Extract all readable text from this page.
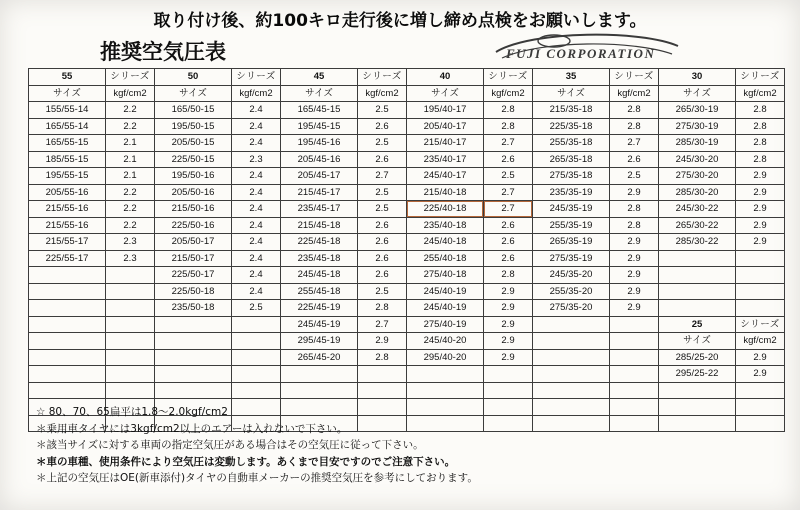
取り付け後、約100キロ走行後に増し締め点検をお願いします。
推奨空気圧表	FUJI CORPORATION
55	シリーズ	50	シリーズ	45	シリーズ	40	シリーズ	35	シリーズ	30	シリーズ
サイズ	kgf/cm2	サイズ	kgf/cm2	サイズ	kgf/cm2	サイズ	kgf/cm2	サイズ	kgf/cm2	サイズ	kgf/cm2
155/55-14	2.2	165/50-15	2.4	165/45-15	2.5	195/40-17	2.8	215/35-18	2.8	265/30-19	2.8
165/55-14	2.2	195/50-15	2.4	195/45-15	2.6	205/40-17	2.8	225/35-18	2.8	275/30-19	2.8
165/55-15	2.1	205/50-15	2.4	195/45-16	2.5	215/40-17	2.7	255/35-18	2.7	285/30-19	2.8
185/55-15	2.1	225/50-15	2.3	205/45-16	2.6	235/40-17	2.6	265/35-18	2.6	245/30-20	2.8
195/55-15	2.1	195/50-16	2.4	205/45-17	2.7	245/40-17	2.5	275/35-18	2.5	275/30-20	2.9
205/55-16	2.2	205/50-16	2.4	215/45-17	2.5	215/40-18	2.7	235/35-19	2.9	285/30-20	2.9
215/55-16	2.2	215/50-16	2.4	235/45-17	2.5	225/40-18	2.7	245/35-19	2.8	245/30-22	2.9
215/55-16	2.2	225/50-16	2.4	215/45-18	2.6	235/40-18	2.6	255/35-19	2.8	265/30-22	2.9
215/55-17	2.3	205/50-17	2.4	225/45-18	2.6	245/40-18	2.6	265/35-19	2.9	285/30-22	2.9
225/55-17	2.3	215/50-17	2.4	235/45-18	2.6	255/40-18	2.6	275/35-19	2.9		
		225/50-17	2.4	245/45-18	2.6	275/40-18	2.8	245/35-20	2.9		
		225/50-18	2.4	255/45-18	2.5	245/40-19	2.9	255/35-20	2.9		
		235/50-18	2.5	225/45-19	2.8	245/40-19	2.9	275/35-20	2.9		
				245/45-19	2.7	275/40-19	2.9			25	シリーズ
				295/45-19	2.9	245/40-20	2.9			サイズ	kgf/cm2
				265/45-20	2.8	295/40-20	2.9			285/25-20	2.9
										295/25-22	2.9

☆ 80、70、65扁平は1.8～2.0kgf/cm2
＊乗用車タイヤには3kgf/cm2以上のエアーは入れないで下さい。
＊該当サイズに対する車両の指定空気圧がある場合はその空気圧に従って下さい。
＊車の車種、使用条件により空気圧は変動します。あくまで目安ですのでご注意下さい。
＊上記の空気圧はOE(新車添付)タイヤの自動車メーカーの推奨空気圧を参考にしております。
